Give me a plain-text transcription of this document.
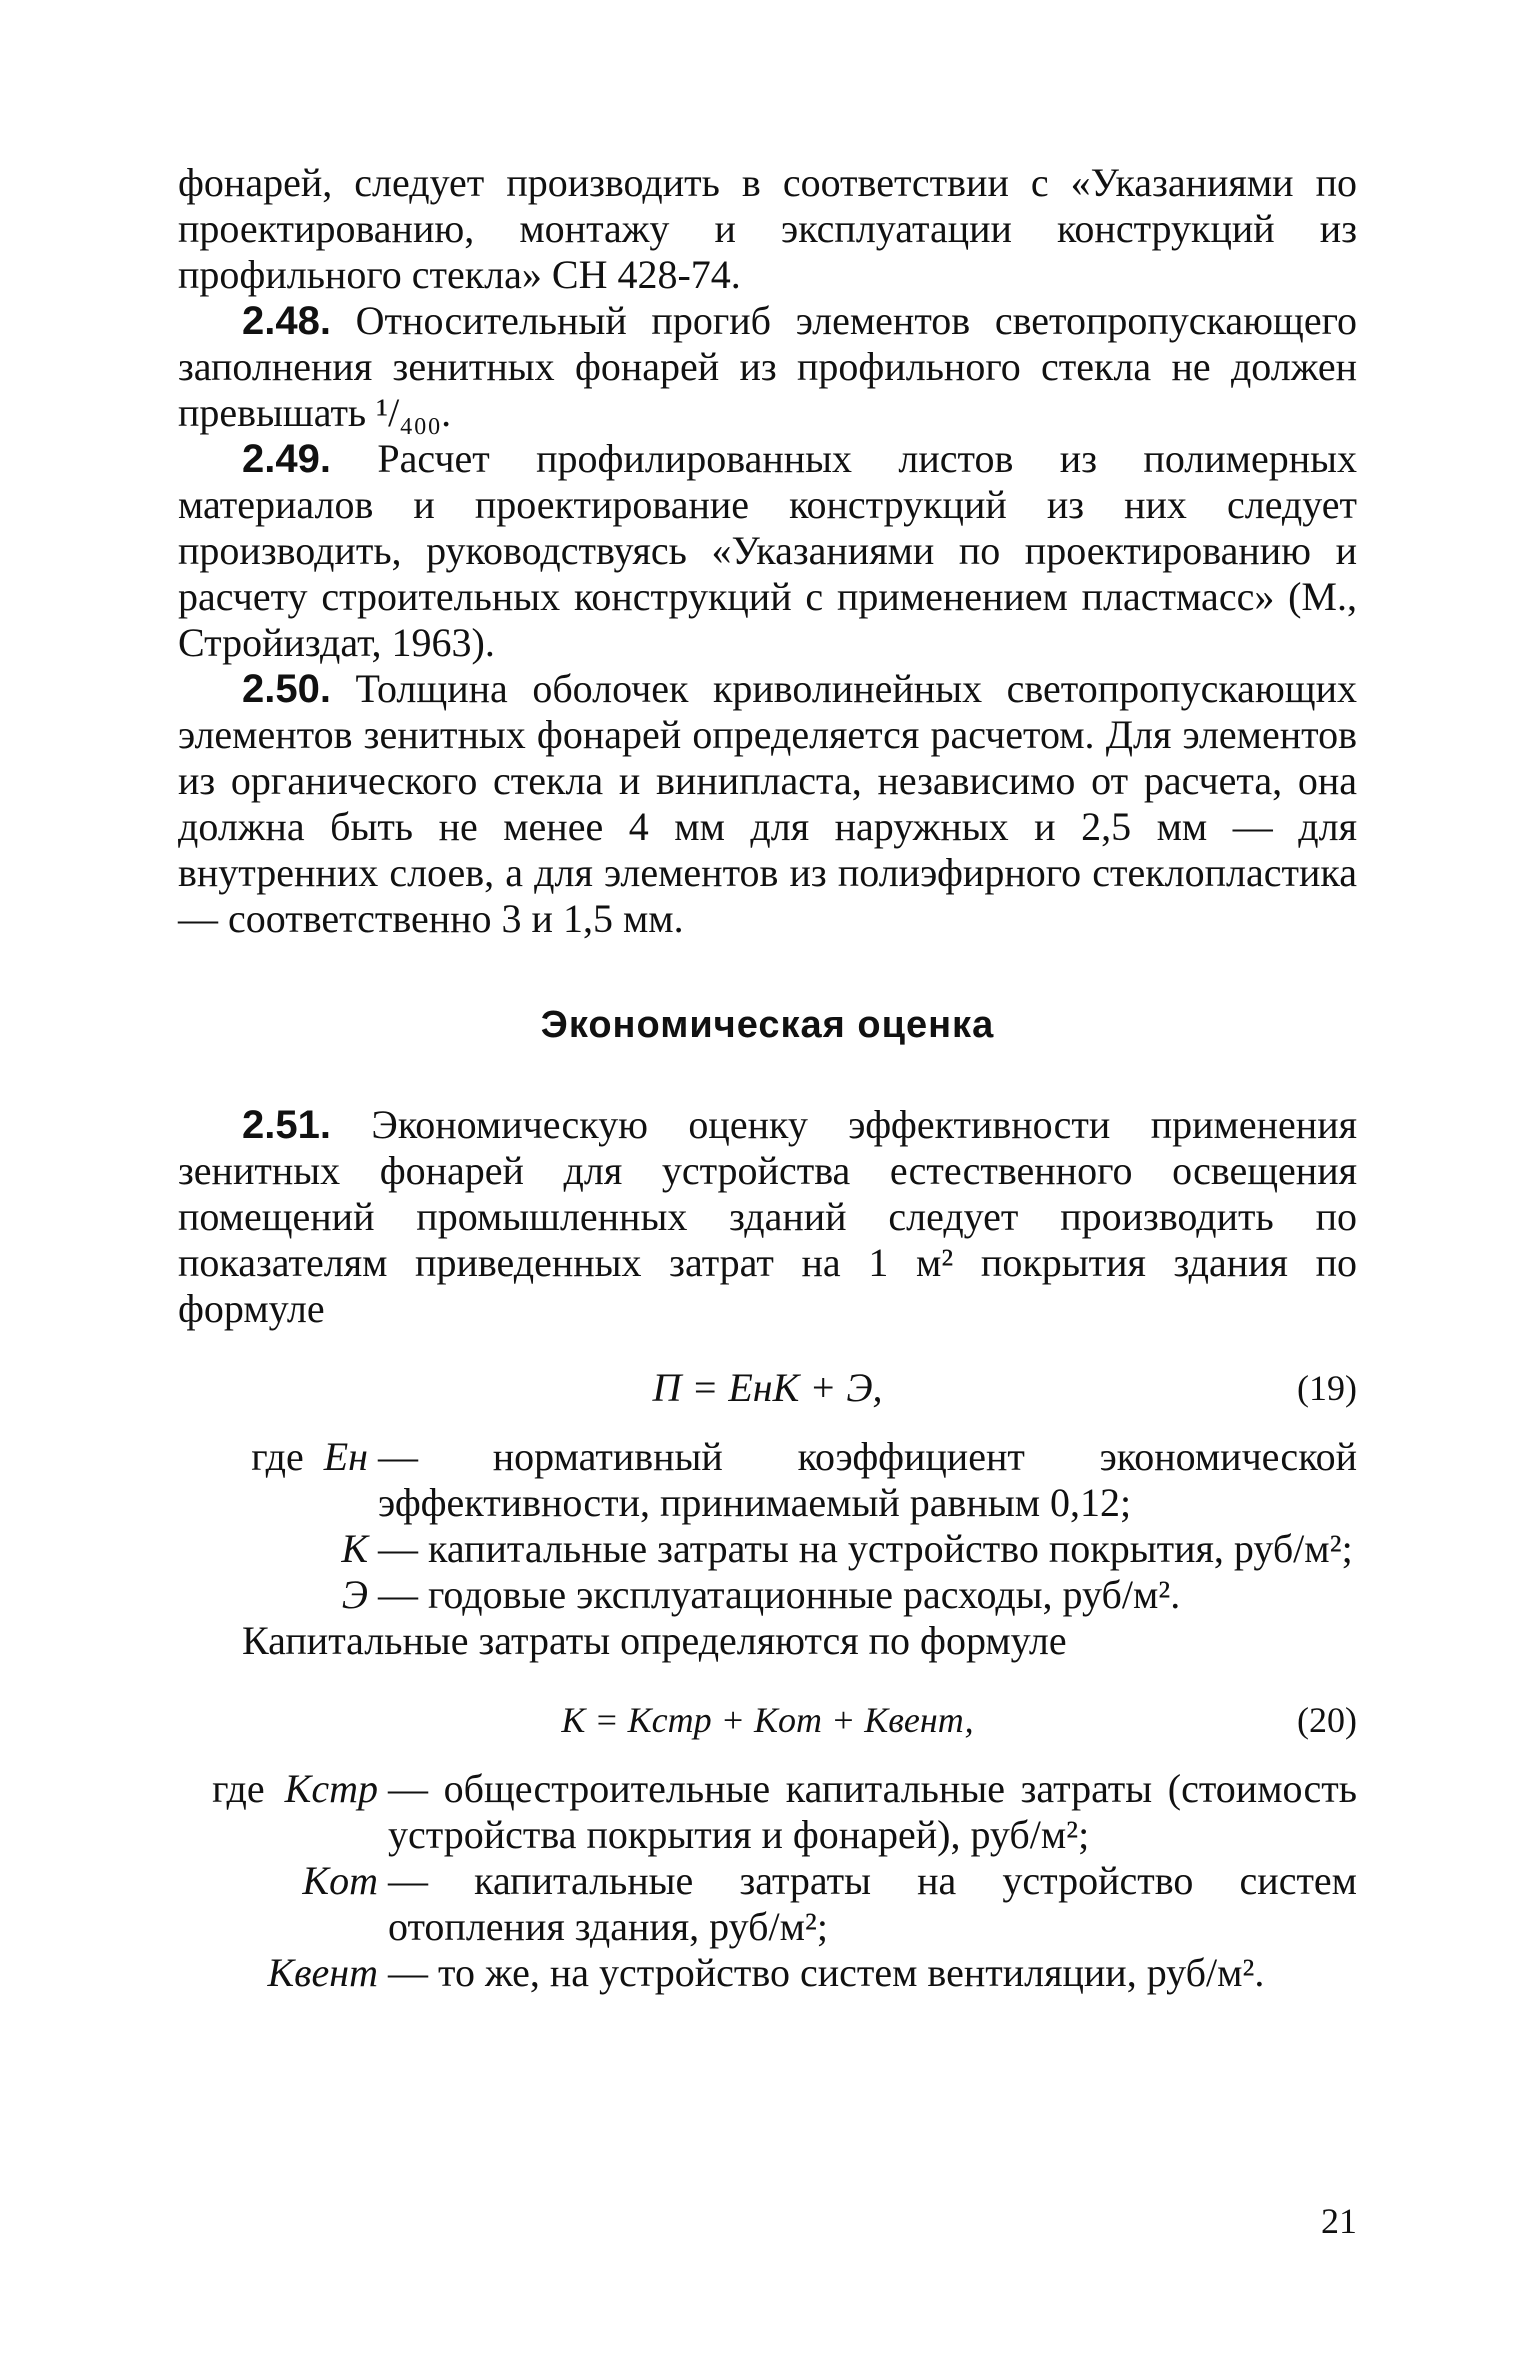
фонарей, следует производить в соответствии с «Указаниями по проектированию, монтажу и эксплуатации конструкций из профильного стекла» СН 428-74.

2.48. Относительный прогиб элементов светопропускающего заполнения зенитных фонарей из профильного стекла не должен превышать ¹/₄₀₀.

2.49. Расчет профилированных листов из полимерных материалов и проектирование конструкций из них следует производить, руководствуясь «Указаниями по проектированию и расчету строительных конструкций с применением пластмасс» (М., Стройиздат, 1963).

2.50. Толщина оболочек криволинейных светопропускающих элементов зенитных фонарей определяется расчетом. Для элементов из органического стекла и винипласта, независимо от расчета, она должна быть не менее 4 мм для наружных и 2,5 мм — для внутренних слоев, а для элементов из полиэфирного стеклопластика — соответственно 3 и 1,5 мм.

Экономическая оценка

2.51. Экономическую оценку эффективности применения зенитных фонарей для устройства естественного освещения помещений промышленных зданий следует производить по показателям приведенных затрат на 1 м² покрытия здания по формуле

П = EнK + Э,	(19)
где Eн — нормативный коэффициент экономической эффективности, принимаемый равным 0,12;
K — капитальные затраты на устройство покрытия, руб/м²;
Э — годовые эксплуатационные расходы, руб/м².

Капитальные затраты определяются по формуле

K = Kстр + Kот + Kвент,	(20)
где Kстр — общестроительные капитальные затраты (стоимость устройства покрытия и фонарей), руб/м²;
Kот — капитальные затраты на устройство систем отопления здания, руб/м²;
Kвент — то же, на устройство систем вентиляции, руб/м².
21
